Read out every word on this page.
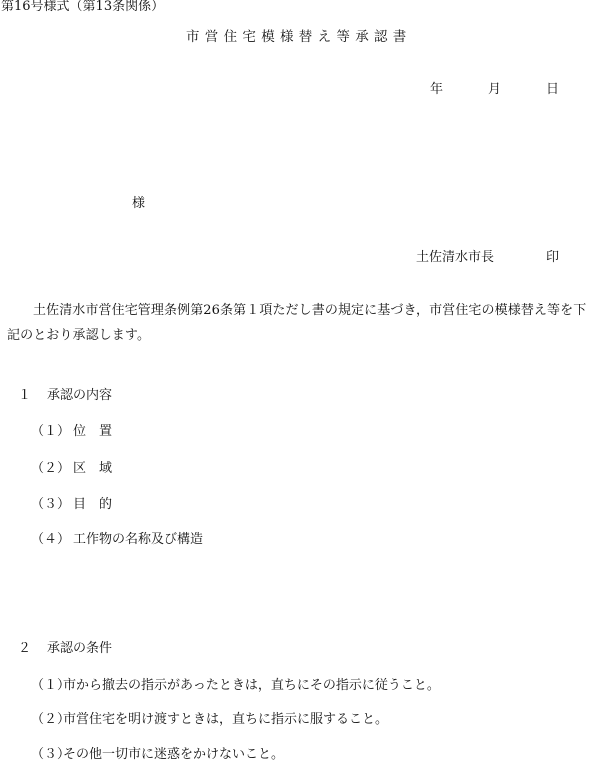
第16号様式（第13条関係）
市営住宅模様替え等承認書
年	月	日
様
土佐清水市長	印
土佐清水市営住宅管理条例第26条第１項ただし書の規定に基づき，市営住宅の模様替え等を下記のとおり承認します。
１ 承認の内容
（１） 位　置
（２） 区　域
（３） 目　的
（４） 工作物の名称及び構造
２ 承認の条件
（１）市から撤去の指示があったときは，直ちにその指示に従うこと。
（２）市営住宅を明け渡すときは，直ちに指示に服すること。
（３）その他一切市に迷惑をかけないこと。
